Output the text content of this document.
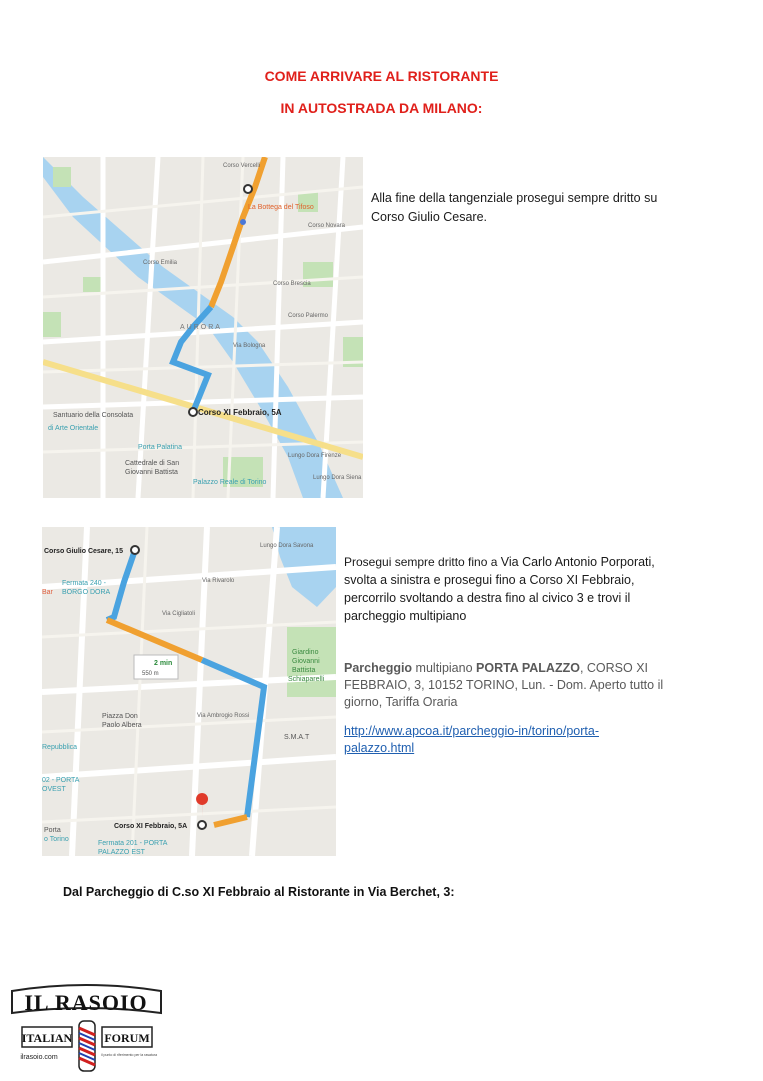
COME ARRIVARE AL RISTORANTE
IN AUTOSTRADA DA MILANO:
Corso XI Febbraio, 5A
AURORA
La Bottega del Tifoso
Santuario della Consolata
di Arte Orientale
Porta Palatina
Cattedrale di San
Giovanni Battista
Palazzo Reale di Torino
Corso Emilia
Corso Brescia
Via Bologna
Lungo Dora Firenze
Lungo Dora Siena
Corso Novara
Corso Palermo
Corso Vercelli
Alla fine della tangenziale prosegui sempre dritto su Corso Giulio Cesare.
2 min
550 m
Corso Giulio Cesare, 15
Corso XI Febbraio, 5A
Fermata 240 -
BORGO DORA
Bar
Giardino
Giovanni
Battista
Schiaparelli
Piazza Don
Paolo Albera
S.M.A.T
Fermata 201 - PORTA
PALAZZO EST
Porta
o Torino
Repubblica
02 - PORTA
OVEST
Via Cigliatoli
Via Rivarolo
Lungo Dora Savona
Via Ambrogio Rossi
Prosegui sempre dritto fino a Via Carlo Antonio Porporati, svolta a sinistra e prosegui fino a Corso XI Febbraio, percorrilo svoltando a destra fino al civico 3 e trovi il parcheggio multipiano
Parcheggio multipiano PORTA PALAZZO, CORSO XI FEBBRAIO, 3, 10152 TORINO, Lun. - Dom. Aperto tutto il giorno, Tariffa Oraria
http://www.apcoa.it/parcheggio-in/torino/porta-palazzo.html
Dal Parcheggio di C.so XI Febbraio al Ristorante in Via Berchet, 3:
IL RASOIO
ITALIAN	FORUM
ilrasoio.com	il punto di riferimento per la rasatura
